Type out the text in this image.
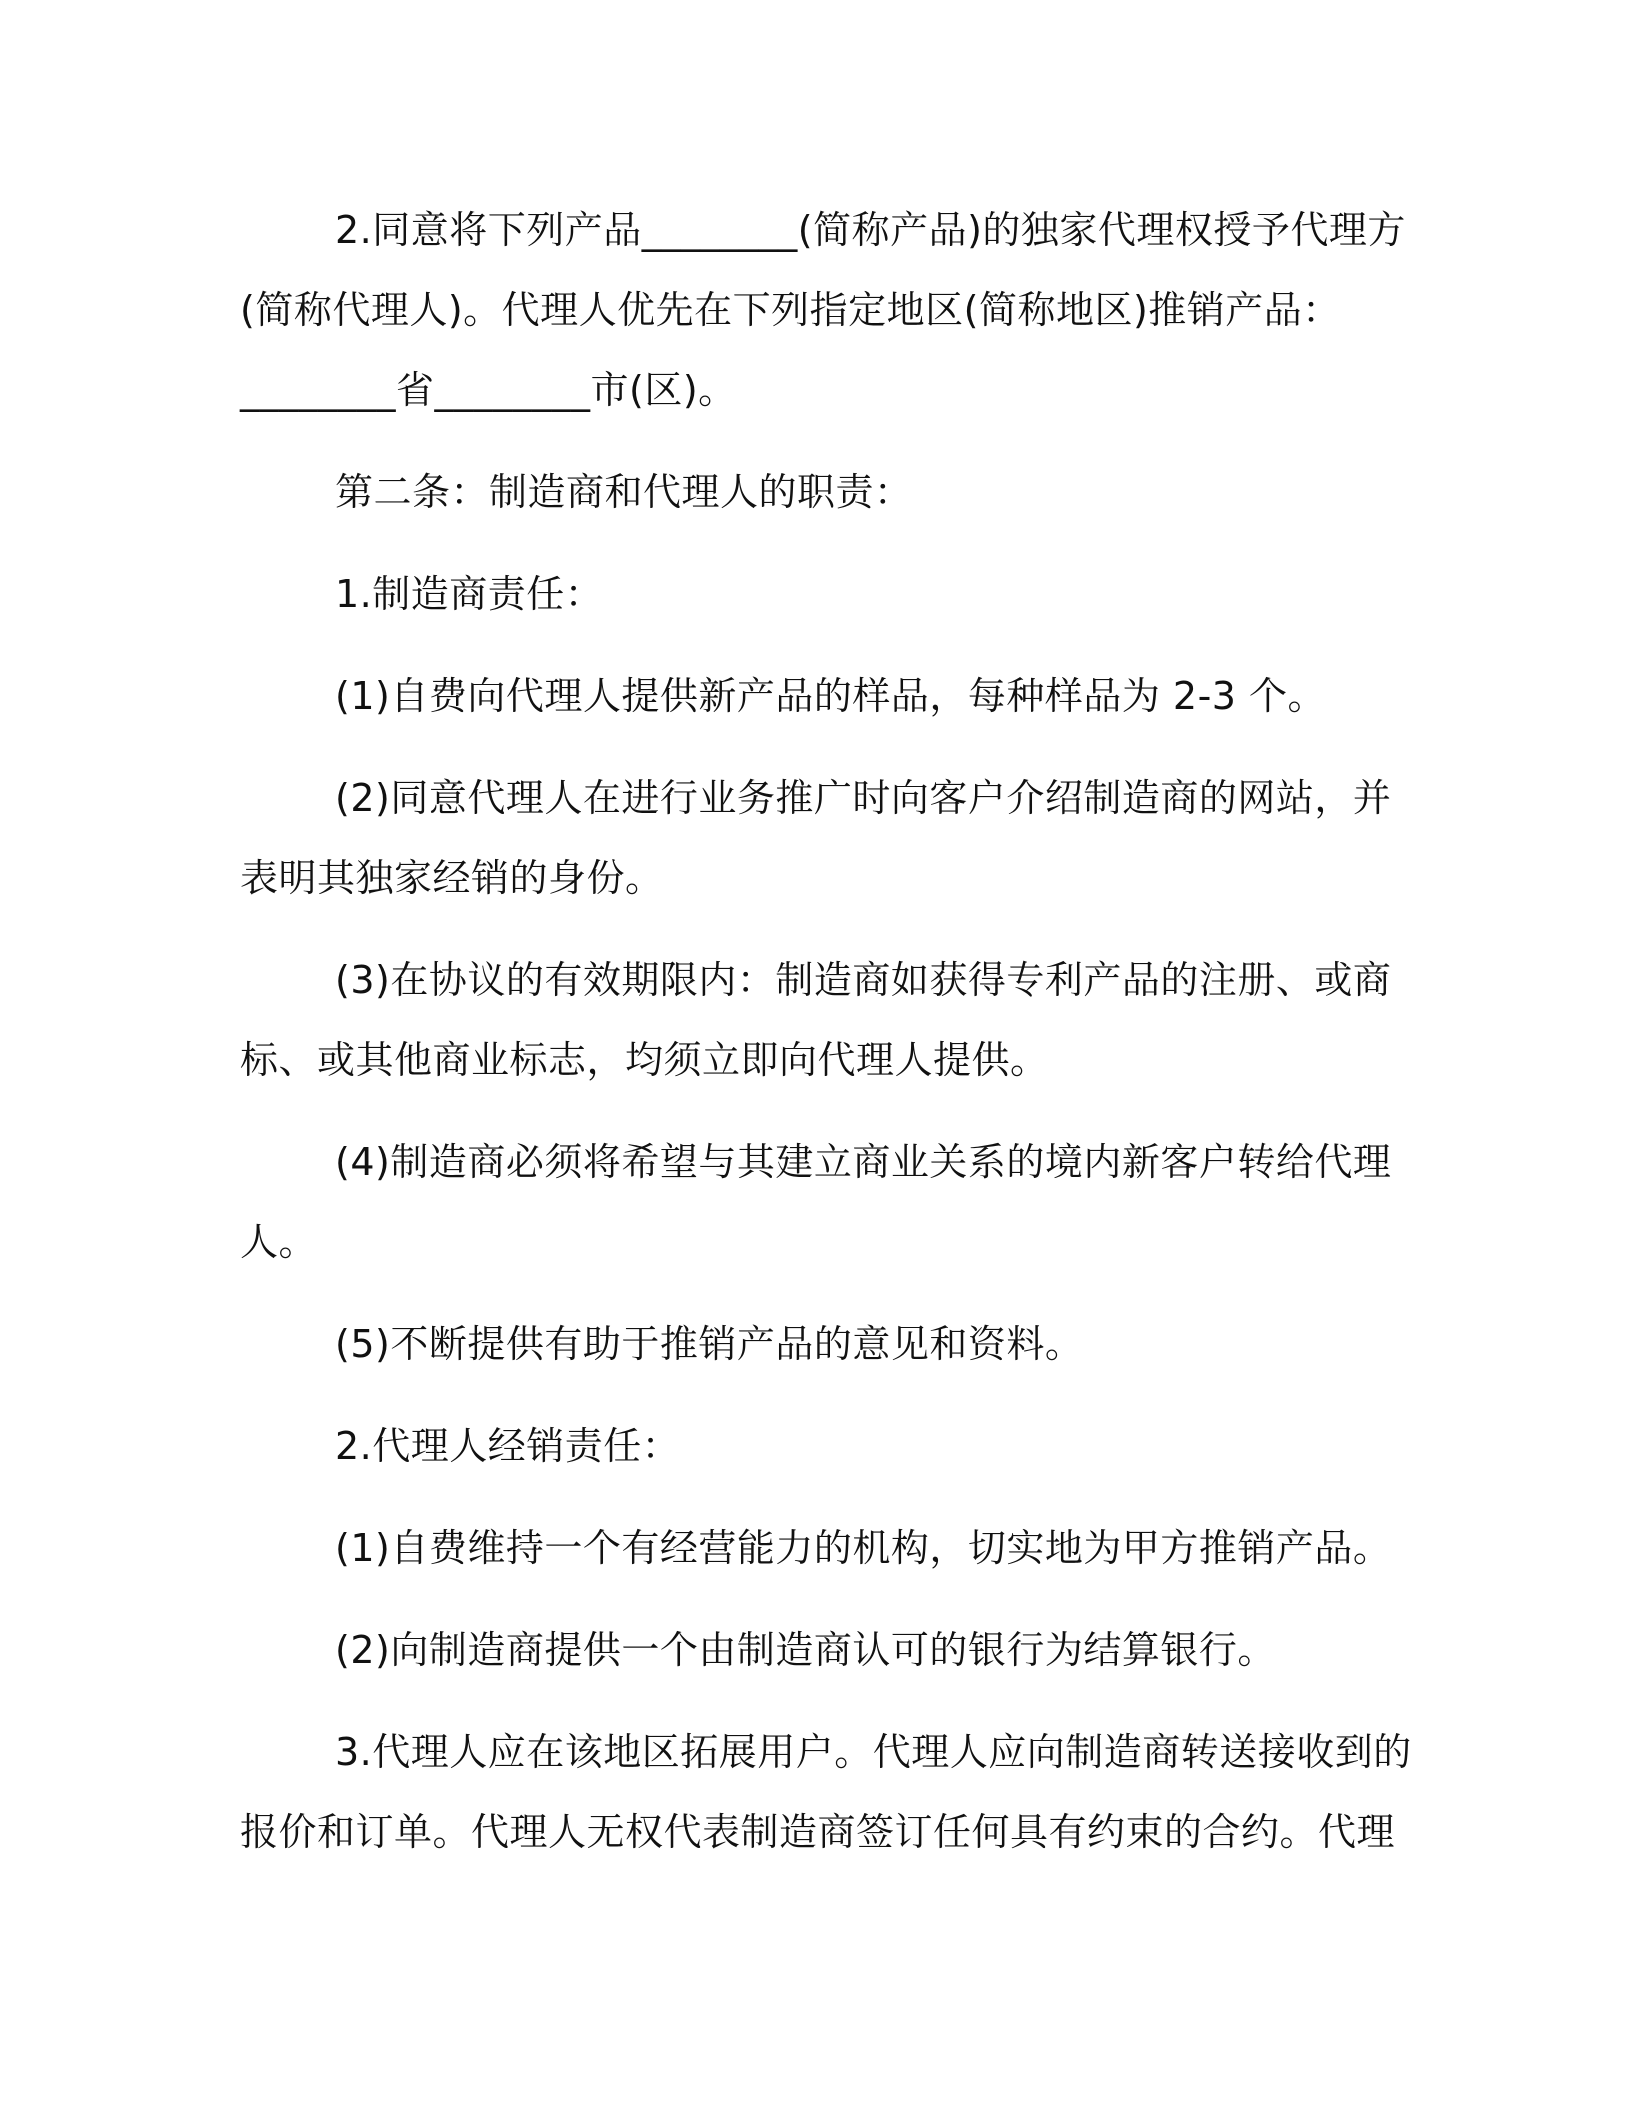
2.同意将下列产品________(简称产品)的独家代理权授予代理方(简称代理人)。代理人优先在下列指定地区(简称地区)推销产品：________省________市(区)。

第二条：制造商和代理人的职责：

1.制造商责任：

(1)自费向代理人提供新产品的样品，每种样品为 2-3 个。

(2)同意代理人在进行业务推广时向客户介绍制造商的网站，并表明其独家经销的身份。

(3)在协议的有效期限内：制造商如获得专利产品的注册、或商标、或其他商业标志，均须立即向代理人提供。

(4)制造商必须将希望与其建立商业关系的境内新客户转给代理人。

(5)不断提供有助于推销产品的意见和资料。

2.代理人经销责任：

(1)自费维持一个有经营能力的机构，切实地为甲方推销产品。

(2)向制造商提供一个由制造商认可的银行为结算银行。

3.代理人应在该地区拓展用户。代理人应向制造商转送接收到的报价和订单。代理人无权代表制造商签订任何具有约束的合约。代理
